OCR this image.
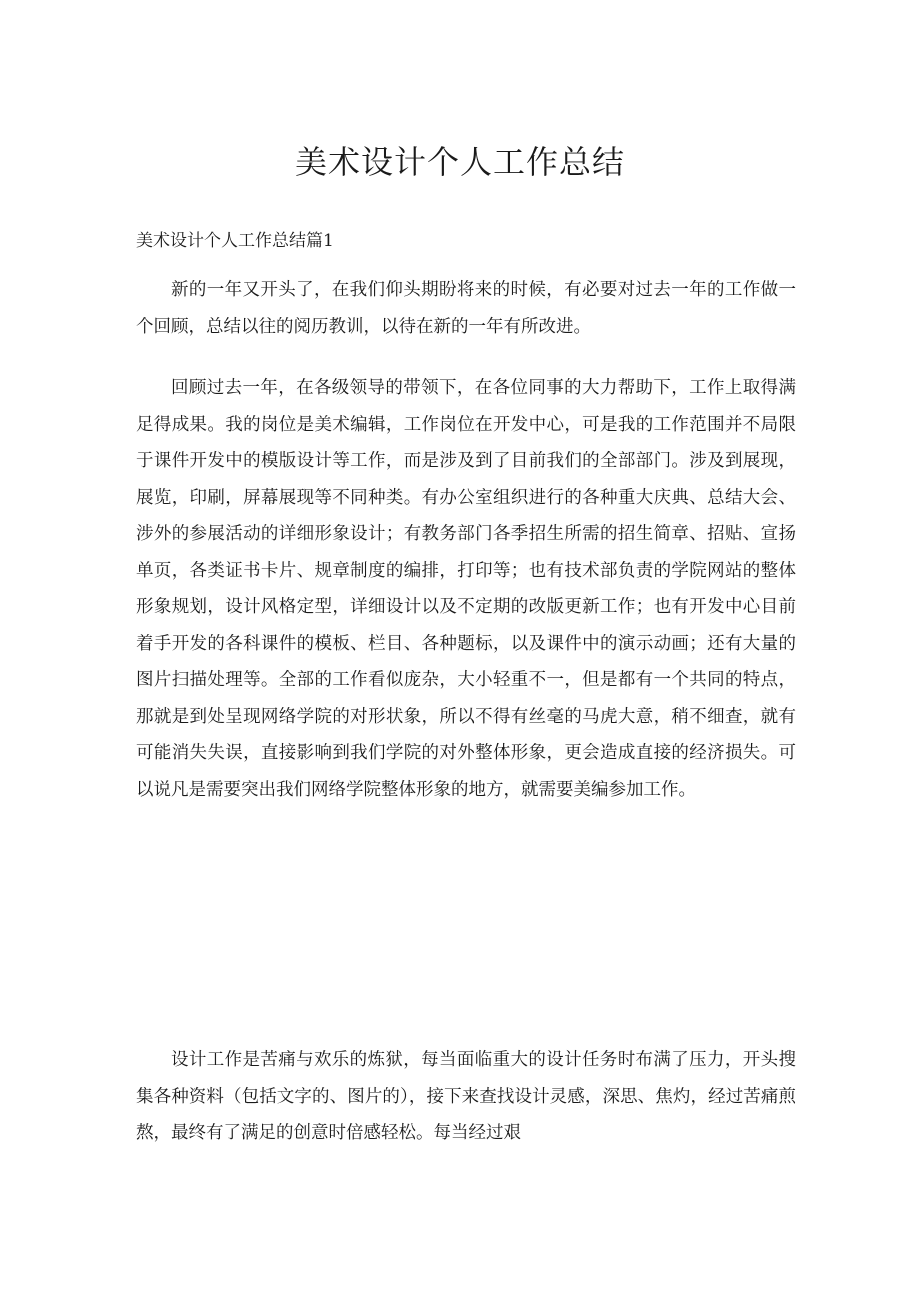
美术设计个人工作总结
美术设计个人工作总结篇1

新的一年又开头了，在我们仰头期盼将来的时候，有必要对过去一年的工作做一个回顾，总结以往的阅历教训，以待在新的一年有所改进。

回顾过去一年，在各级领导的带领下，在各位同事的大力帮助下，工作上取得满足得成果。我的岗位是美术编辑，工作岗位在开发中心，可是我的工作范围并不局限于课件开发中的模版设计等工作，而是涉及到了目前我们的全部部门。涉及到展现，展览，印刷，屏幕展现等不同种类。有办公室组织进行的各种重大庆典、总结大会、涉外的参展活动的详细形象设计；有教务部门各季招生所需的招生简章、招贴、宣扬单页，各类证书卡片、规章制度的编排，打印等；也有技术部负责的学院网站的整体形象规划，设计风格定型，详细设计以及不定期的改版更新工作；也有开发中心目前着手开发的各科课件的模板、栏目、各种题标，以及课件中的演示动画；还有大量的图片扫描处理等。全部的工作看似庞杂，大小轻重不一，但是都有一个共同的特点，那就是到处呈现网络学院的对形状象，所以不得有丝毫的马虎大意，稍不细查，就有可能消失失误，直接影响到我们学院的对外整体形象，更会造成直接的经济损失。可以说凡是需要突出我们网络学院整体形象的地方，就需要美编参加工作。

设计工作是苦痛与欢乐的炼狱，每当面临重大的设计任务时布满了压力，开头搜集各种资料（包括文字的、图片的），接下来查找设计灵感，深思、焦灼，经过苦痛煎熬，最终有了满足的创意时倍感轻松。每当经过艰
